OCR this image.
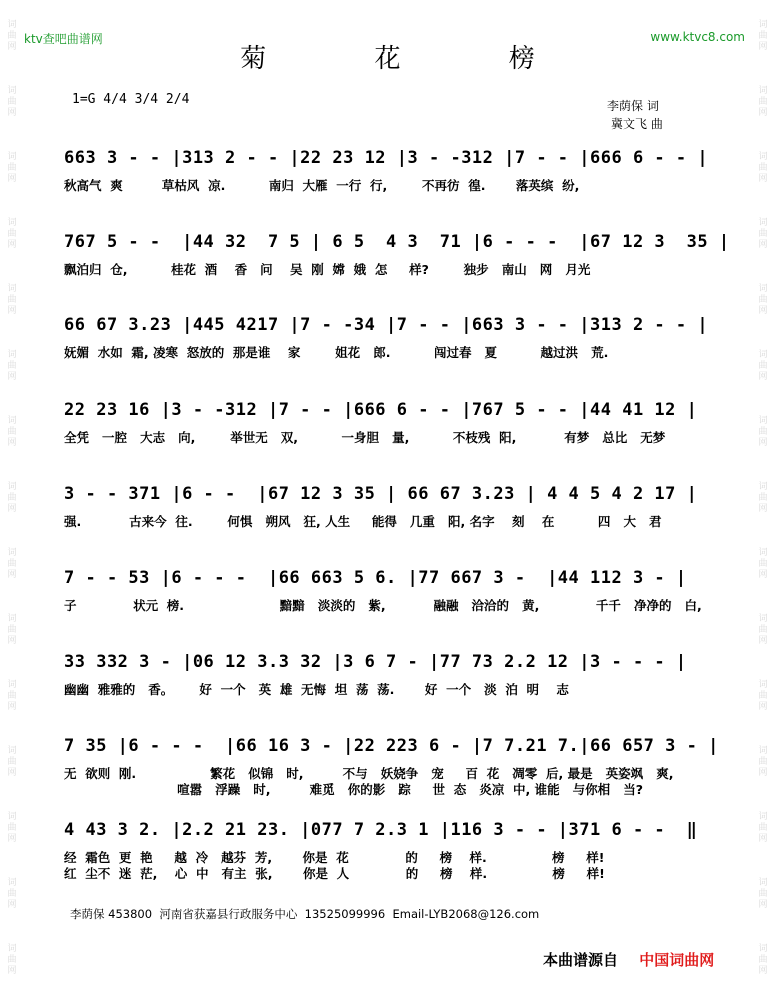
词
曲
网
词
曲
网
词
曲
网
词
曲
网
词
曲
网
词
曲
网
词
曲
网
词
曲
网
词
曲
网
词
曲
网
词
曲
网
词
曲
网
词
曲
网
词
曲
网
词
曲
网
词
曲
网
词
曲
网
词
曲
网
词
曲
网
词
曲
网
词
曲
网
词
曲
网
词
曲
网
词
曲
网
词
曲
网
词
曲
网
词
曲
网
词
曲
网
词
曲
网
词
曲
网
ktv查吧曲谱网	www.ktvc8.com
菊 花 榜
1=G 4/4 3/4 2/4	李荫保 词
冀文飞 曲
663 3 - - |313 2 - - |22 23 12 |3 - -312 |7 - - |666 6 - - |
秋高气  爽         草枯风  凉.          南归  大雁  一行  行,        不再彷  徨.       落英缤  纷,
767 5 - -  |44 32  7 5 | 6 5  4 3  71 |6 - - -  |67 12 3  35 |
飘泊归  仓,          桂花  酒    香   问    吴  刚  嫦  娥  怎     样?        独步   南山   网   月光
66 67 3.23 |445 4217 |7 - -34 |7 - - |663 3 - - |313 2 - - |
妩媚  水如  霜, 凌寒  怒放的  那是谁    家        姐花   郎.          闯过春   夏          越过洪   荒.
22 23 16 |3 - -312 |7 - - |666 6 - - |767 5 - - |44 41 12 |
全凭   一腔   大志   向,        举世无   双,          一身胆   量,          不枝残  阳,           有梦   总比   无梦
3 - - 371 |6 - -  |67 12 3 35 | 66 67 3.23 | 4 4 5 4 2 17 |
强.           古来今  往.        何惧   朔风   狂, 人生     能得   几重   阳, 名字    刻    在          四   大   君
7 - - 53 |6 - - -  |66 663 5 6. |77 667 3 -  |44 112 3 - |
子             状元  榜.                      黯黯   淡淡的   紫,           融融   洽洽的   黄,             千千   净净的   白,
33 332 3 - |06 12 3.3 32 |3 6 7 - |77 73 2.2 12 |3 - - - |
幽幽  雅雅的   香。      好  一个   英  雄  无悔  坦  荡  荡.       好  一个   淡  泊  明    志
7 35 |6 - - -  |66 16 3 - |22 223 6 - |7 7.21 7.|66 657 3 - |
无  欲则  刚.                 繁花   似锦   时,         不与   妖娆争   宠     百  花   凋零  后, 最是   英姿飒   爽,
喧嚣   浮躁   时,         难觅   你的影   踪     世  态   炎凉  中, 谁能   与你相   当?
4 43 3 2. |2.2 21 23. |077 7 2.3 1 |116 3 - - |371 6 - -  ‖
经  霜色  更  艳     越  冷   越芬  芳,       你是  花             的     榜    样.               榜     样!
红  尘不  迷  茫,    心  中   有主  张,       你是  人             的     榜    样.               榜     样!
李荫保 453800  河南省获嘉县行政服务中心  13525099996  Email-LYB2068@126.com
本曲谱源自 中国词曲网
